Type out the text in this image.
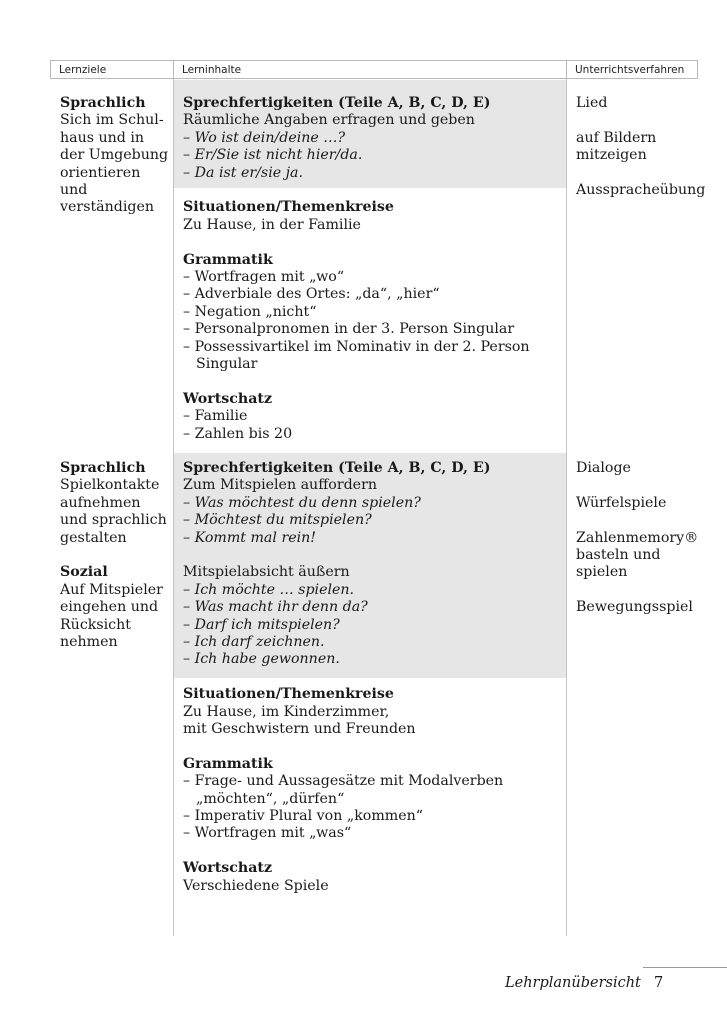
Lernziele	Lerninhalte	Unterrichtsverfahren
Sprachlich
Sich im Schul-
haus und in
der Umgebung
orientieren
und
verständigen
Sprechfertigkeiten (Teile A, B, C, D, E)
Räumliche Angaben erfragen und geben
– Wo ist dein/deine …?
– Er/Sie ist nicht hier/da.
– Da ist er/sie ja.
Situationen/Themenkreise
Zu Hause, in der Familie
Grammatik
– Wortfragen mit „wo“
– Adverbiale des Ortes: „da“, „hier“
– Negation „nicht“
– Personalpronomen in der 3. Person Singular
– Possessivartikel im Nominativ in der 2. Person
Singular
Wortschatz
– Familie
– Zahlen bis 20
Lied
auf Bildern
mitzeigen
Ausspracheübung
Sprachlich
Spielkontakte
aufnehmen
und sprachlich
gestalten
Sozial
Auf Mitspieler
eingehen und
Rücksicht
nehmen
Sprechfertigkeiten (Teile A, B, C, D, E)
Zum Mitspielen auffordern
– Was möchtest du denn spielen?
– Möchtest du mitspielen?
– Kommt mal rein!
Mitspielabsicht äußern
– Ich möchte … spielen.
– Was macht ihr denn da?
– Darf ich mitspielen?
– Ich darf zeichnen.
– Ich habe gewonnen.
Situationen/Themenkreise
Zu Hause, im Kinderzimmer,
mit Geschwistern und Freunden
Grammatik
– Frage- und Aussagesätze mit Modalverben
„möchten“, „dürfen“
– Imperativ Plural von „kommen“
– Wortfragen mit „was“
Wortschatz
Verschiedene Spiele
Dialoge
Würfelspiele
Zahlenmemory®
basteln und
spielen
Bewegungsspiel
Lehrplanübersicht 7
